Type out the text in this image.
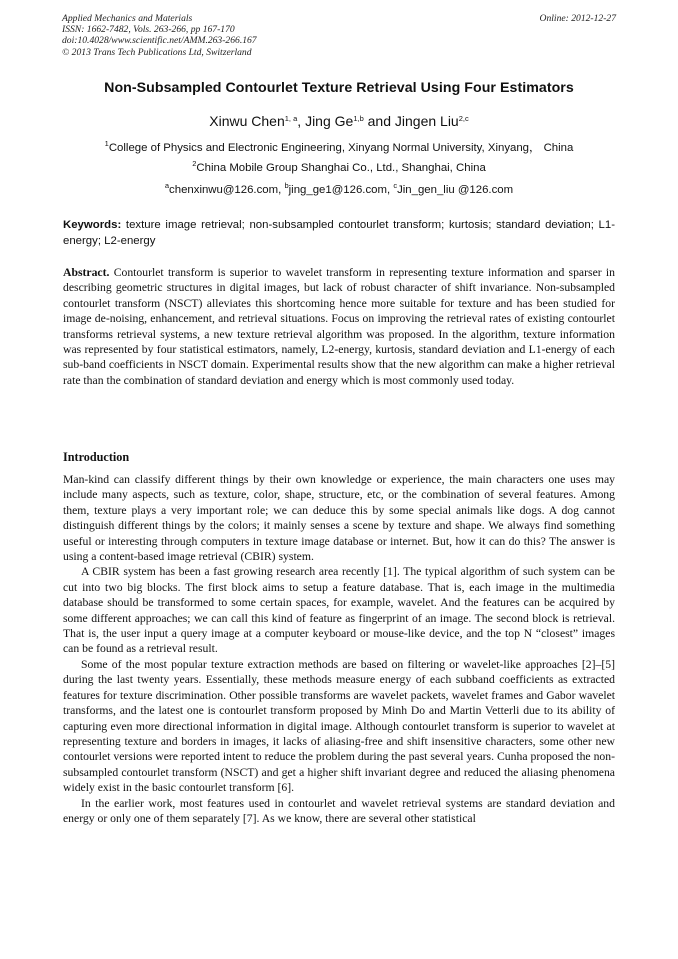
Applied Mechanics and Materials
ISSN: 1662-7482, Vols. 263-266, pp 167-170
doi:10.4028/www.scientific.net/AMM.263-266.167
© 2013 Trans Tech Publications Ltd, Switzerland
Online: 2012-12-27
Non-Subsampled Contourlet Texture Retrieval Using Four Estimators
Xinwu Chen$^{1, a}$, Jing Ge$^{1,b}$ and Jingen Liu$^{2,c}$
$^1$College of Physics and Electronic Engineering, Xinyang Normal University, Xinyang， China
$^2$China Mobile Group Shanghai Co., Ltd., Shanghai, China
$^a$chenxinwu@126.com, $^b$jing_ge1@126.com, $^c$Jin_gen_liu @126.com
Keywords: texture image retrieval; non-subsampled contourlet transform; kurtosis; standard deviation; L1-energy; L2-energy
Abstract. Contourlet transform is superior to wavelet transform in representing texture information and sparser in describing geometric structures in digital images, but lack of robust character of shift invariance. Non-subsampled contourlet transform (NSCT) alleviates this shortcoming hence more suitable for texture and has been studied for image de-noising, enhancement, and retrieval situations. Focus on improving the retrieval rates of existing contourlet transforms retrieval systems, a new texture retrieval algorithm was proposed. In the algorithm, texture information was represented by four statistical estimators, namely, L2-energy, kurtosis, standard deviation and L1-energy of each sub-band coefficients in NSCT domain. Experimental results show that the new algorithm can make a higher retrieval rate than the combination of standard deviation and energy which is most commonly used today.
Introduction

Man-kind can classify different things by their own knowledge or experience, the main characters one uses may include many aspects, such as texture, color, shape, structure, etc, or the combination of several features. Among them, texture plays a very important role; we can deduce this by some special animals like dogs. A dog cannot distinguish different things by the colors; it mainly senses a scene by texture and shape. We always find something useful or interesting through computers in texture image database or internet. But, how it can do this? The answer is using a content-based image retrieval (CBIR) system.

A CBIR system has been a fast growing research area recently [1]. The typical algorithm of such system can be cut into two big blocks. The first block aims to setup a feature database. That is, each image in the multimedia database should be transformed to some certain spaces, for example, wavelet. And the features can be acquired by some different approaches; we can call this kind of feature as fingerprint of an image. The second block is retrieval. That is, the user input a query image at a computer keyboard or mouse-like device, and the top N “closest” images can be found as a retrieval result.

Some of the most popular texture extraction methods are based on filtering or wavelet-like approaches [2]–[5] during the last twenty years. Essentially, these methods measure energy of each subband coefficients as extracted features for texture discrimination. Other possible transforms are wavelet packets, wavelet frames and Gabor wavelet transforms, and the latest one is contourlet transform proposed by Minh Do and Martin Vetterli due to its ability of capturing even more directional information in digital image. Although contourlet transform is superior to wavelet at representing texture and borders in images, it lacks of aliasing-free and shift insensitive characters, some other new contourlet versions were reported intent to reduce the problem during the past several years. Cunha proposed the non-subsampled contourlet transform (NSCT) and get a higher shift invariant degree and reduced the aliasing phenomena widely exist in the basic contourlet transform [6].

In the earlier work, most features used in contourlet and wavelet retrieval systems are standard deviation and energy or only one of them separately [7]. As we know, there are several other statistical
